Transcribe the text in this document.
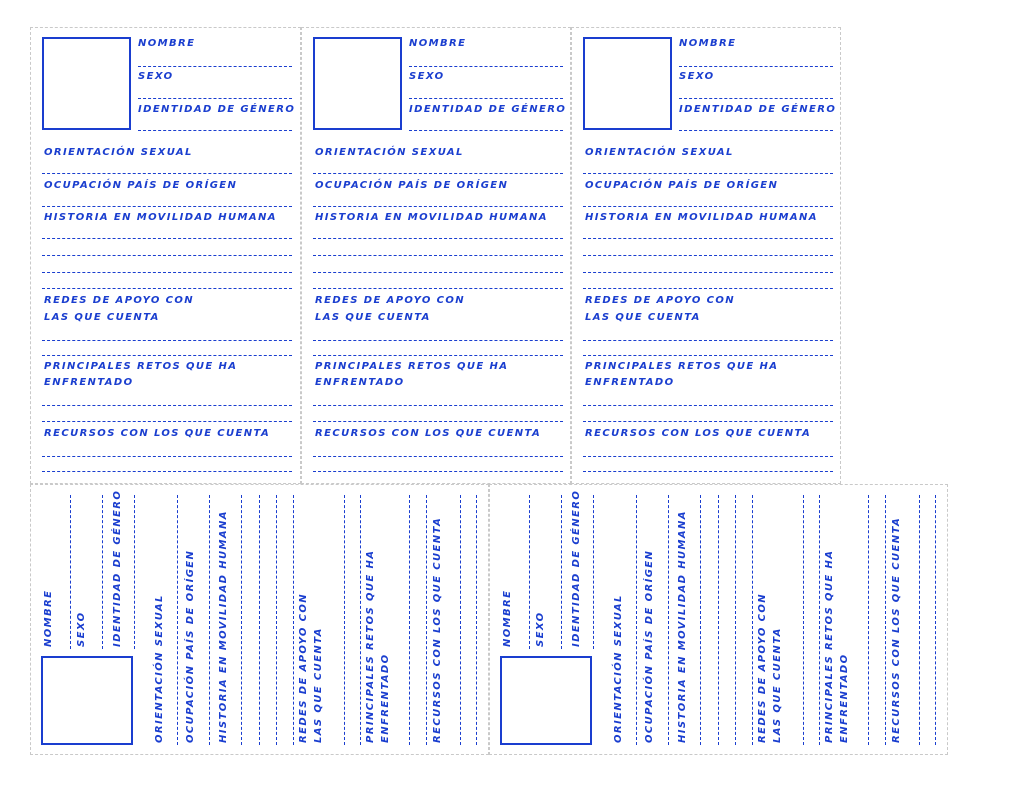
NOMBRE
SEXO
IDENTIDAD DE GÉNERO
ORIENTACIÓN SEXUAL
OCUPACIÓN PAÍS DE ORÍGEN
HISTORIA EN MOVILIDAD HUMANA
REDES DE APOYO CON
LAS QUE CUENTA
PRINCIPALES RETOS QUE HA
ENFRENTADO
RECURSOS CON LOS QUE CUENTA
NOMBRE
SEXO
IDENTIDAD DE GÉNERO
ORIENTACIÓN SEXUAL
OCUPACIÓN PAÍS DE ORÍGEN
HISTORIA EN MOVILIDAD HUMANA
REDES DE APOYO CON
LAS QUE CUENTA
PRINCIPALES RETOS QUE HA
ENFRENTADO
RECURSOS CON LOS QUE CUENTA
NOMBRE
SEXO
IDENTIDAD DE GÉNERO
ORIENTACIÓN SEXUAL
OCUPACIÓN PAÍS DE ORÍGEN
HISTORIA EN MOVILIDAD HUMANA
REDES DE APOYO CON
LAS QUE CUENTA
PRINCIPALES RETOS QUE HA
ENFRENTADO
RECURSOS CON LOS QUE CUENTA
NOMBRE SEXO	IDENTIDAD DE GÉNERO
ORIENTACIÓN SEXUAL OCUPACIÓN PAÍS DE ORÍGEN HISTORIA EN MOVILIDAD HUMANA	REDES DE APOYO CON LAS QUE CUENTA	PRINCIPALES RETOS QUE HA ENFRENTADO	RECURSOS CON LOS QUE CUENTA	NOMBRE SEXO	IDENTIDAD DE GÉNERO
ORIENTACIÓN SEXUAL OCUPACIÓN PAÍS DE ORÍGEN HISTORIA EN MOVILIDAD HUMANA	REDES DE APOYO CON LAS QUE CUENTA	PRINCIPALES RETOS QUE HA ENFRENTADO	RECURSOS CON LOS QUE CUENTA
